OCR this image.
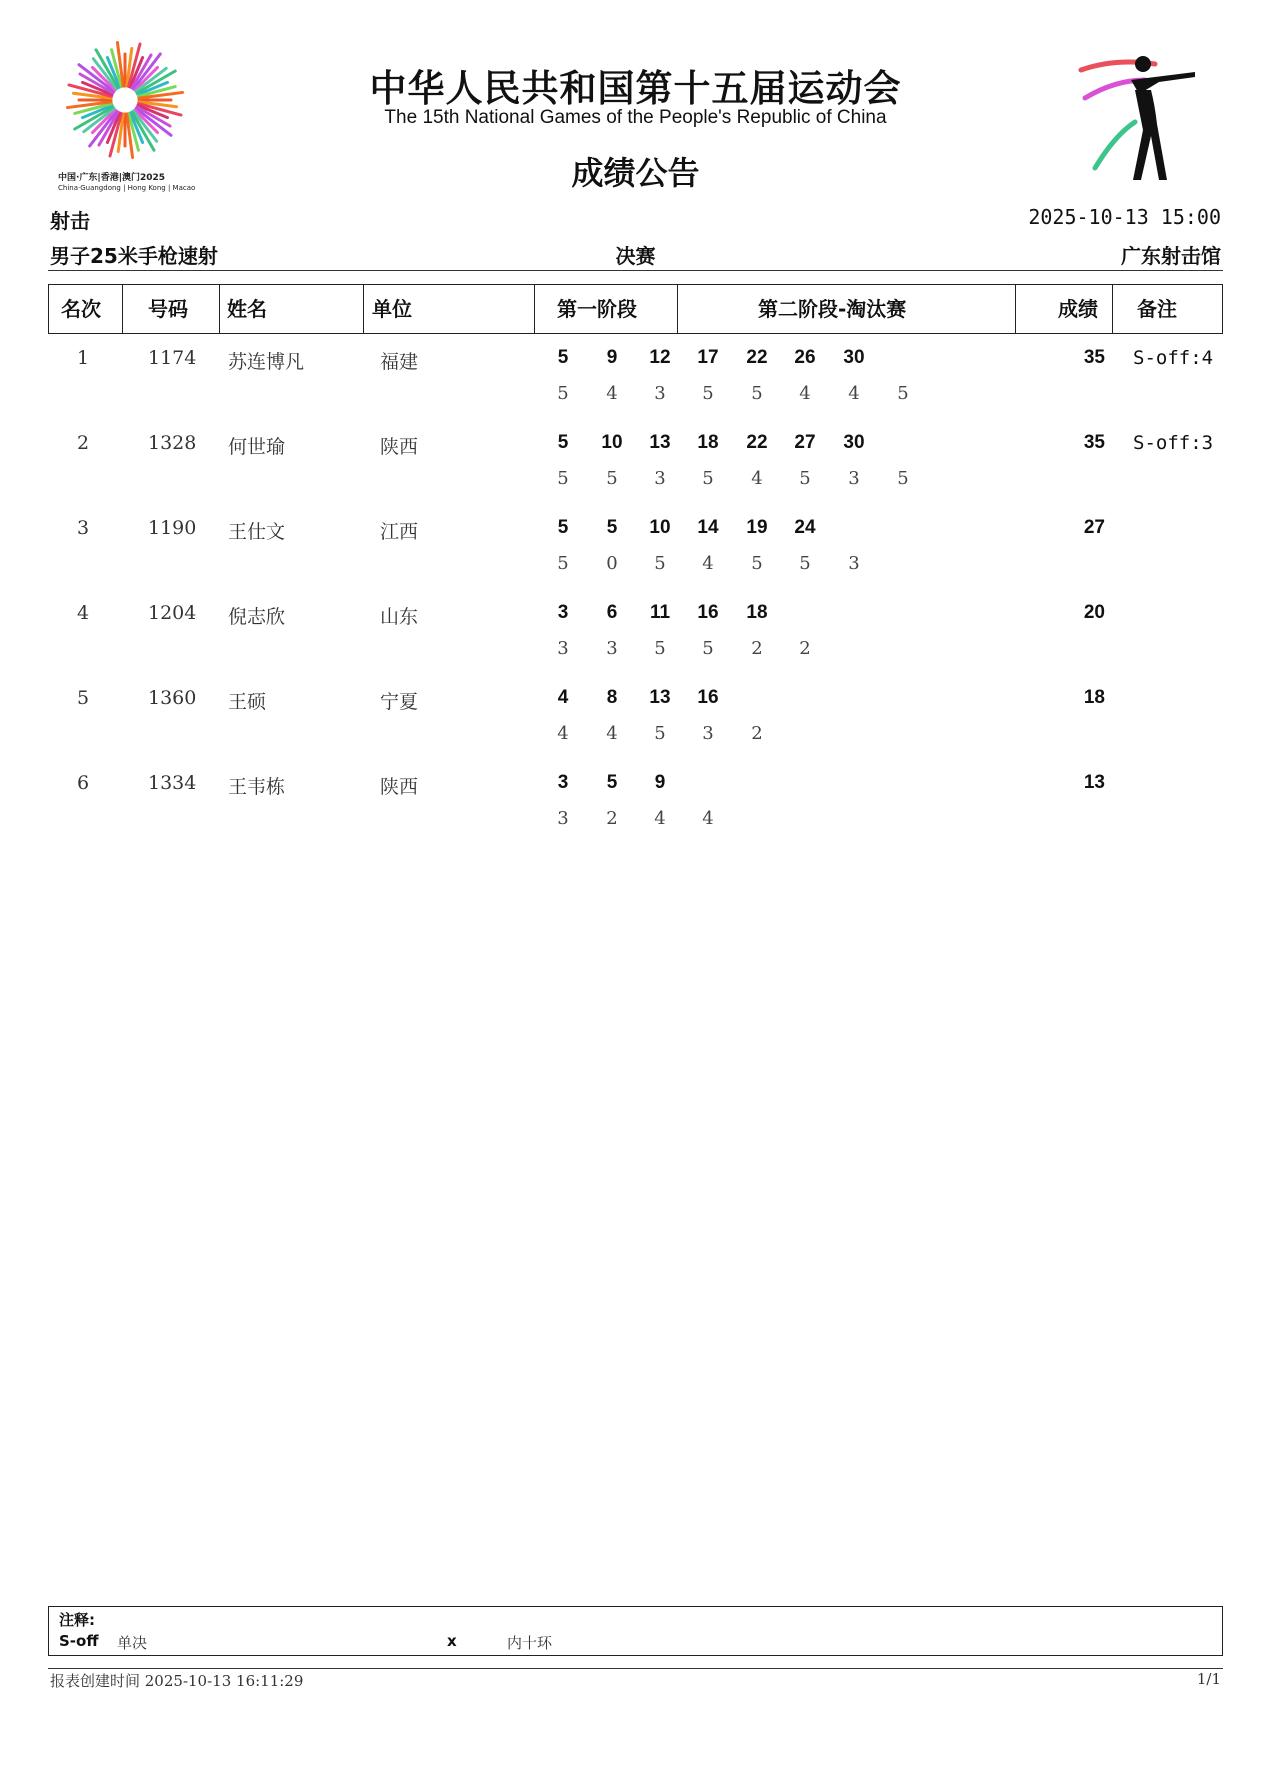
中国·广东|香港|澳门2025
China·Guangdong | Hong Kong | Macao
中华人民共和国第十五届运动会
The 15th National Games of the People's Republic of China
成绩公告
射击	2025-10-13 15:00
男子25米手枪速射	决赛	广东射击馆
名次 号码 姓名	单位	第一阶段	第二阶段-淘汰赛	成绩 备注
1	1174 苏连博凡	福建	5	9	12	17	22	26	30
5	4	3	5	5	4	4	5
35 S-off:4
2	1328 何世瑜	陕西	5	10	13	18	22	27	30
5	5	3	5	4	5	3	5
35 S-off:3
3	1190 王仕文	江西	5	5	10	14	19	24
5	0	5	4	5	5	3
27
4	1204 倪志欣	山东	3	6	11	16	18
3	3	5	5	2	2
20
5	1360 王硕	宁夏	4	8	13	16
4	4	5	3	2
18
6	1334 王韦栋	陕西	3	5	9
3	2	4	4
13
注释:
S-off 单决	x	内十环
报表创建时间 2025-10-13 16:11:29	1/1
